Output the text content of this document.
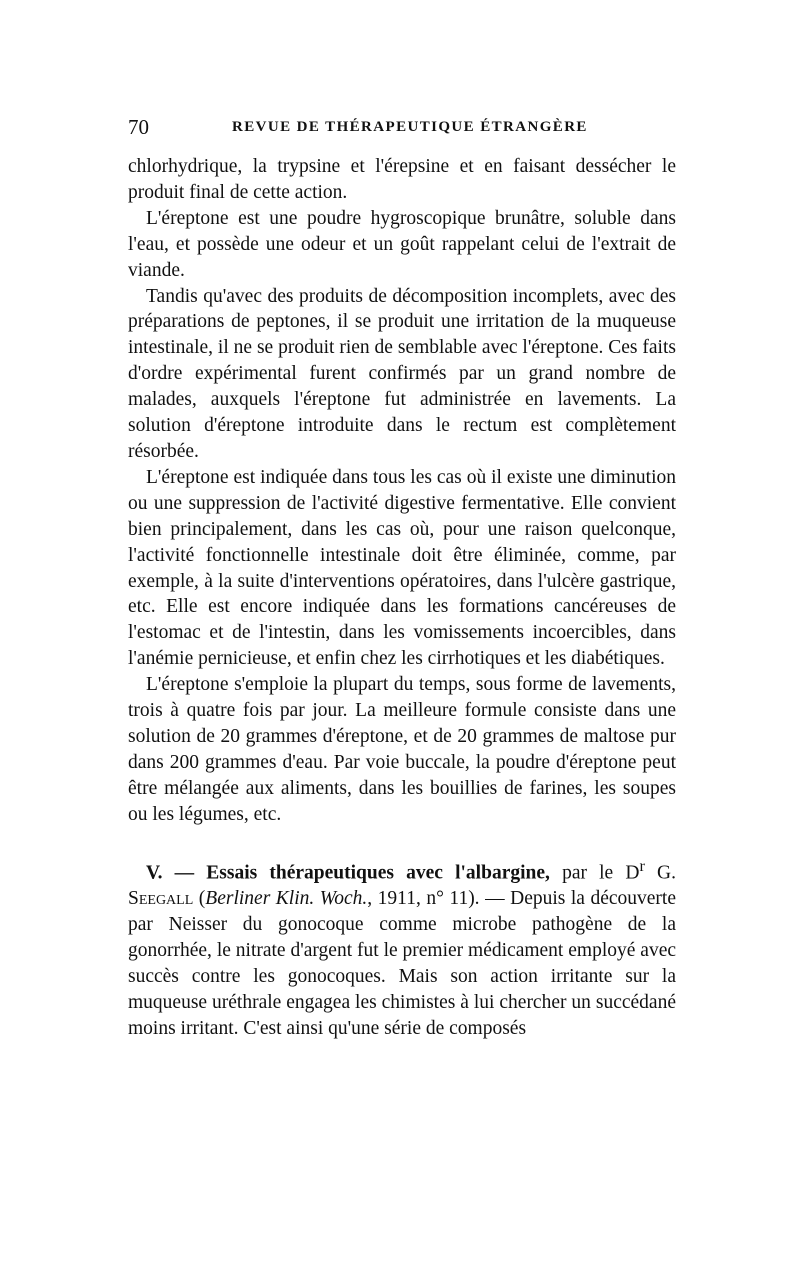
70	REVUE DE THÉRAPEUTIQUE ÉTRANGÈRE

chlorhydrique, la trypsine et l'érepsine et en faisant dessécher le produit final de cette action.

L'éreptone est une poudre hygroscopique brunâtre, soluble dans l'eau, et possède une odeur et un goût rappelant celui de l'extrait de viande.

Tandis qu'avec des produits de décomposition incomplets, avec des préparations de peptones, il se produit une irritation de la muqueuse intestinale, il ne se produit rien de semblable avec l'éreptone. Ces faits d'ordre expérimental furent confirmés par un grand nombre de malades, auxquels l'éreptone fut administrée en lavements. La solution d'éreptone introduite dans le rectum est complètement résorbée.

L'éreptone est indiquée dans tous les cas où il existe une diminution ou une suppression de l'activité digestive fermentative. Elle convient bien principalement, dans les cas où, pour une raison quelconque, l'activité fonctionnelle intestinale doit être éliminée, comme, par exemple, à la suite d'interventions opératoires, dans l'ulcère gastrique, etc. Elle est encore indiquée dans les formations cancéreuses de l'estomac et de l'intestin, dans les vomissements incoercibles, dans l'anémie pernicieuse, et enfin chez les cirrhotiques et les diabétiques.

L'éreptone s'emploie la plupart du temps, sous forme de lavements, trois à quatre fois par jour. La meilleure formule consiste dans une solution de 20 grammes d'éreptone, et de 20 grammes de maltose pur dans 200 grammes d'eau. Par voie buccale, la poudre d'éreptone peut être mélangée aux aliments, dans les bouillies de farines, les soupes ou les légumes, etc.

V. — Essais thérapeutiques avec l'albargine, par le $D^r$ G. Seegall (Berliner Klin. Woch., 1911, n° 11). — Depuis la découverte par Neisser du gonocoque comme microbe pathogène de la gonorrhée, le nitrate d'argent fut le premier médicament employé avec succès contre les gonocoques. Mais son action irritante sur la muqueuse uréthrale engagea les chimistes à lui chercher un succédané moins irritant. C'est ainsi qu'une série de composés
